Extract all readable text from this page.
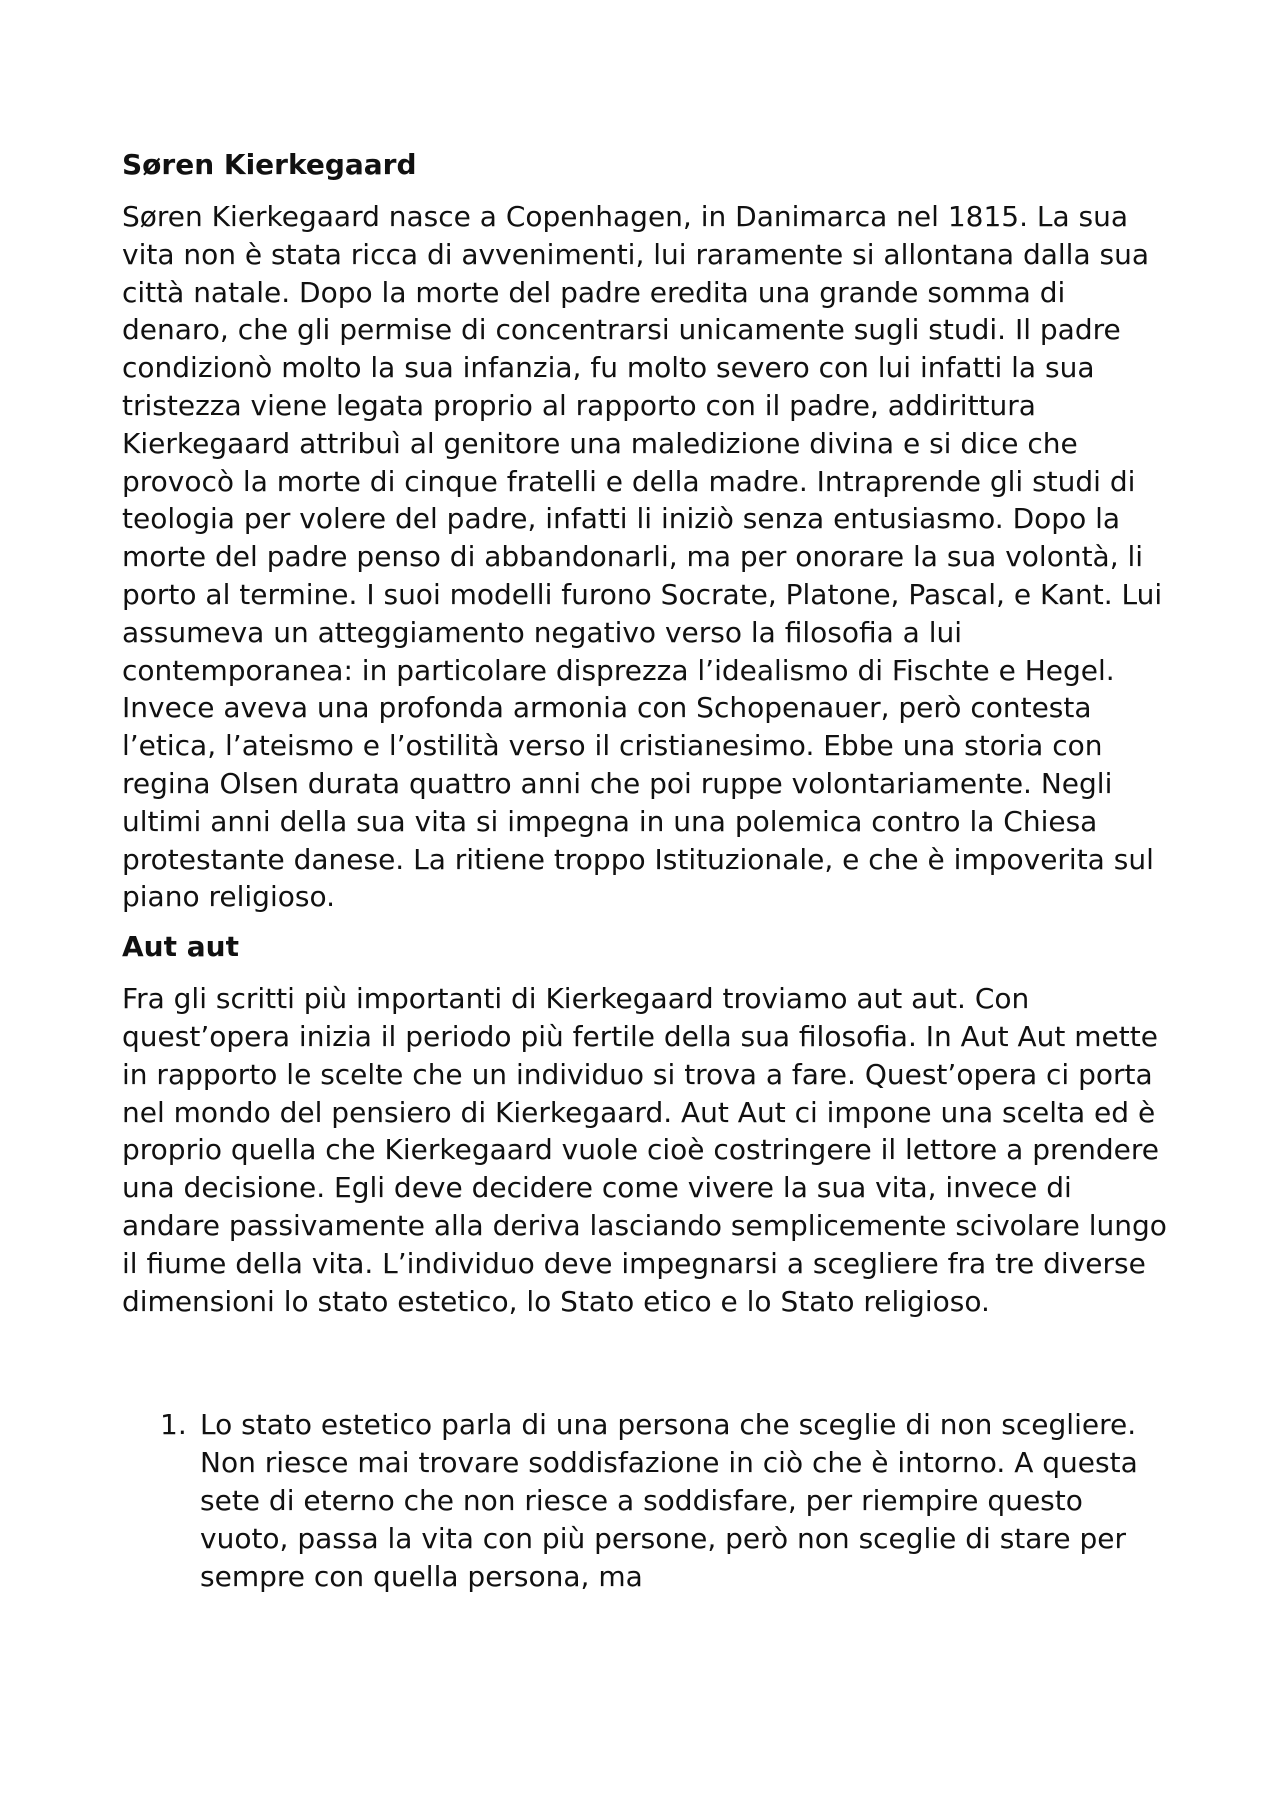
Søren Kierkegaard

Søren Kierkegaard nasce a Copenhagen, in Danimarca nel 1815. La sua vita non è stata ricca di avvenimenti, lui raramente si allontana dalla sua città natale. Dopo la morte del padre eredita una grande somma di denaro, che gli permise di concentrarsi unicamente sugli studi. Il padre condizionò molto la sua infanzia, fu molto severo con lui infatti la sua tristezza viene legata proprio al rapporto con il padre, addirittura Kierkegaard attribuì al genitore una maledizione divina e si dice che provocò la morte di cinque fratelli e della madre. Intraprende gli studi di teologia per volere del padre, infatti li iniziò senza entusiasmo. Dopo la morte del padre penso di abbandonarli, ma per onorare la sua volontà, li porto al termine. I suoi modelli furono Socrate, Platone, Pascal, e Kant. Lui assumeva un atteggiamento negativo verso la filosofia a lui contemporanea: in particolare disprezza l’idealismo di Fischte e Hegel. Invece aveva una profonda armonia con Schopenauer, però contesta l’etica, l’ateismo e l’ostilità verso il cristianesimo. Ebbe una storia con regina Olsen durata quattro anni che poi ruppe volontariamente. Negli ultimi anni della sua vita si impegna in una polemica contro la Chiesa protestante danese. La ritiene troppo Istituzionale, e che è impoverita sul piano religioso.

Aut aut

Fra gli scritti più importanti di Kierkegaard troviamo aut aut. Con quest’opera inizia il periodo più fertile della sua filosofia. In Aut Aut mette in rapporto le scelte che un individuo si trova a fare. Quest’opera ci porta nel mondo del pensiero di Kierkegaard. Aut Aut ci impone una scelta ed è proprio quella che Kierkegaard vuole cioè costringere il lettore a prendere una decisione. Egli deve decidere come vivere la sua vita, invece di andare passivamente alla deriva lasciando semplicemente scivolare lungo il fiume della vita. L’individuo deve impegnarsi a scegliere fra tre diverse dimensioni lo stato estetico, lo Stato etico e lo Stato religioso.

1. Lo stato estetico parla di una persona che sceglie di non scegliere. Non riesce mai trovare soddisfazione in ciò che è intorno. A questa sete di eterno che non riesce a soddisfare, per riempire questo vuoto, passa la vita con più persone, però non sceglie di stare per sempre con quella persona, ma
